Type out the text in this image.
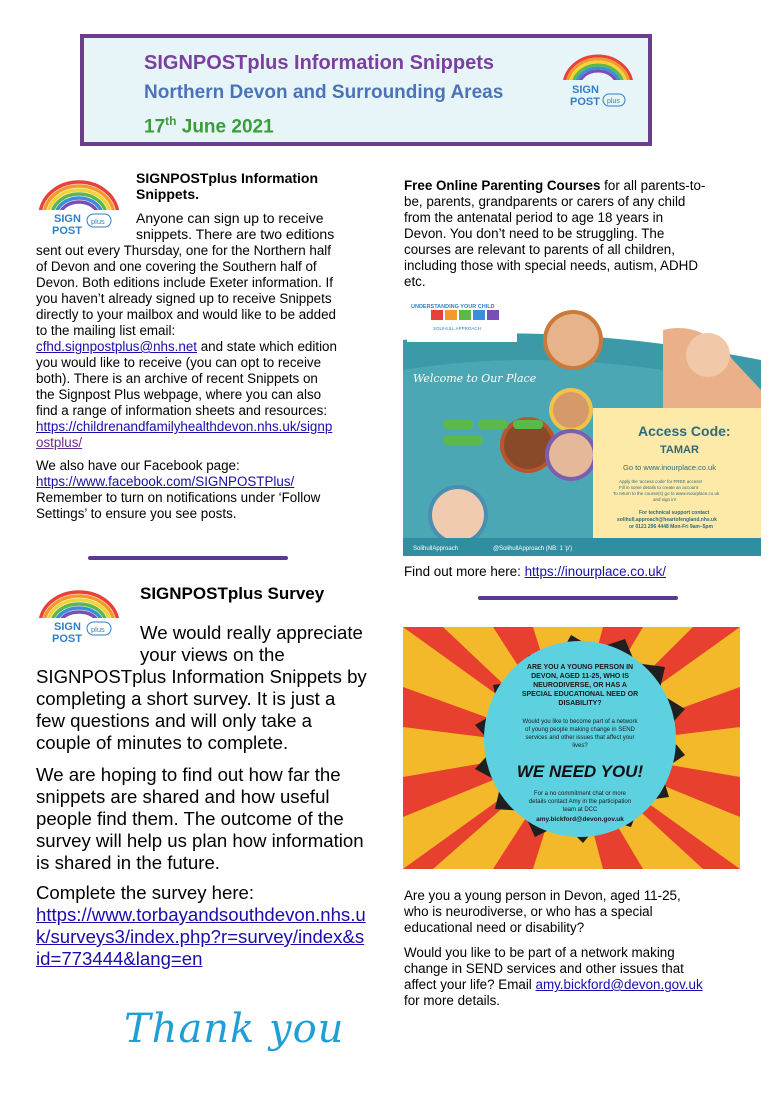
SIGNPOSTplus Information Snippets
Northern Devon and Surrounding Areas
17th June 2021
SIGN
POST plus
SIGN
POST
plus
SIGNPOSTplus Information Snippets.
Anyone can sign up to receive
snippets. There are two editions
sent out every Thursday, one for the Northern half
of Devon and one covering the Southern half of
Devon. Both editions include Exeter information. If
you haven’t already signed up to receive Snippets
directly to your mailbox and would like to be added
to the mailing list email:
cfhd.signpostplus@nhs.net and state which edition
you would like to receive (you can opt to receive
both). There is an archive of recent Snippets on
the Signpost Plus webpage, where you can also
find a range of information sheets and resources:
https://childrenandfamilyhealthdevon.nhs.uk/signp
ostplus/
We also have our Facebook page:
https://www.facebook.com/SIGNPOSTPlus/
Remember to turn on notifications under ‘Follow
Settings’ to ensure you see posts.
SIGN
POST
plus
SIGNPOSTplus Survey
We would really appreciate
your views on the
SIGNPOSTplus Information Snippets by
completing a short survey. It is just a
few questions and will only take a
couple of minutes to complete.
We are hoping to find out how far the
snippets are shared and how useful
people find them. The outcome of the
survey will help us plan how information
is shared in the future.
Complete the survey here:
https://www.torbayandsouthdevon.nhs.u
k/surveys3/index.php?r=survey/index&s
id=773444&lang=en
Thank you
Free Online Parenting Courses for all parents-to-
be, parents, grandparents or carers of any child
from the antenatal period to age 18 years in
Devon. You don’t need to be struggling. The
courses are relevant to parents of all children,
including those with special needs, autism, ADHD
etc.
UNDERSTANDING YOUR CHILD
SOLIHULL APPROACH
Welcome to Our Place
Access Code:
TAMAR
Go to www.inourplace.co.uk
Apply the 'access code' for FREE access!
Fill in some details to create an account
To return to the course(s) go to www.inourplace.co.uk
and sign in!
For technical support contact
solihull.approach@heartofengland.nhs.uk
or 0121 296 4448 Mon-Fri 9am–5pm
SolihullApproach	@SolihullApproach (NB: 1 'p')
Find out more here: https://inourplace.co.uk/
ARE YOU A YOUNG PERSON IN
DEVON, AGED 11-25, WHO IS
NEURODIVERSE, OR HAS A
SPECIAL EDUCATIONAL NEED OR
DISABILITY?
Would you like to become part of a network
of young people making change in SEND
services and other issues that affect your
lives?
WE NEED YOU!
For a no commitment chat or more
details contact Amy in the participation
team at DCC
amy.bickford@devon.gov.uk
Are you a young person in Devon, aged 11-25,
who is neurodiverse, or who has a special
educational need or disability?
Would you like to be part of a network making
change in SEND services and other issues that
affect your life? Email amy.bickford@devon.gov.uk
for more details.
